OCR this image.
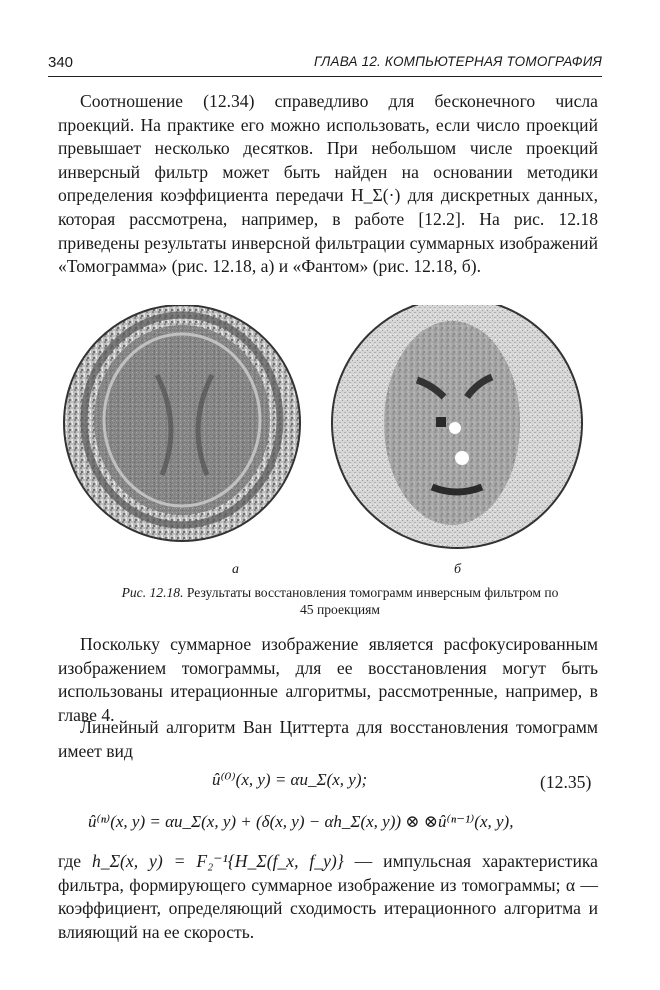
340	ГЛАВА 12. КОМПЬЮТЕРНАЯ ТОМОГРАФИЯ

Соотношение (12.34) справедливо для бесконечного числа проекций. На практике его можно использовать, если число проекций превышает несколько десятков. При небольшом числе проекций инверсный фильтр может быть найден на основании методики определения коэффициента передачи H_Σ(·) для дискретных данных, которая рассмотрена, например, в работе [12.2]. На рис. 12.18 приведены результаты инверсной фильтрации суммарных изображений «Томограмма» (рис. 12.18, а) и «Фантом» (рис. 12.18, б).

а	б
Рис. 12.18. Результаты восстановления томограмм инверсным фильтром по 45 проекциям

Поскольку суммарное изображение является расфокусированным изображением томограммы, для ее восстановления могут быть использованы итерационные алгоритмы, рассмотренные, например, в главе 4.

Линейный алгоритм Ван Циттерта для восстановления томограмм имеет вид

û⁽⁰⁾(x, y) = αu_Σ(x, y);	(12.35)
û⁽ⁿ⁾(x, y) = αu_Σ(x, y) + (δ(x, y) − αh_Σ(x, y)) ⊗ ⊗û⁽ⁿ⁻¹⁾(x, y),

где h_Σ(x, y) = F₂⁻¹{H_Σ(f_x, f_y)} — импульсная характеристика фильтра, формирующего суммарное изображение из томограммы; α — коэффициент, определяющий сходимость итерационного алгоритма и влияющий на ее скорость.
